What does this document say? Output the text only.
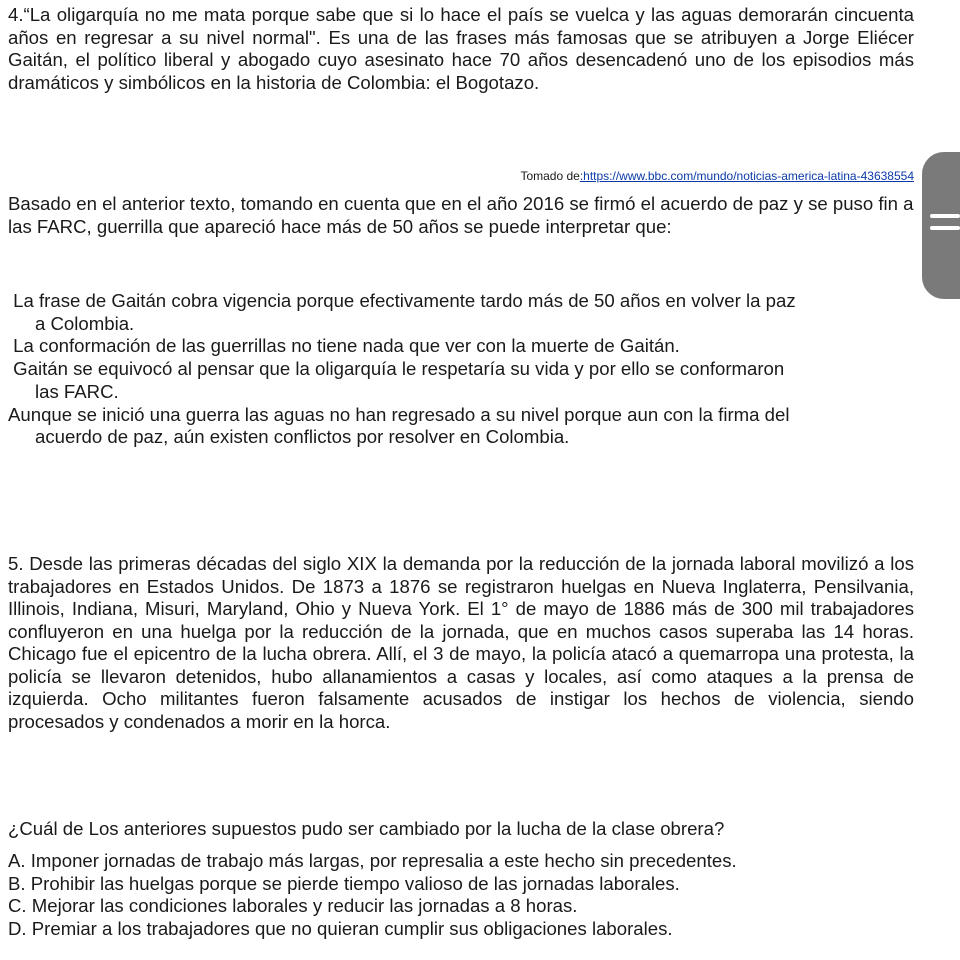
4.“La oligarquía no me mata porque sabe que si lo hace el país se vuelca y las aguas demorarán cincuenta años en regresar a su nivel normal". Es una de las frases más famosas que se atribuyen a Jorge Eliécer Gaitán, el político liberal y abogado cuyo asesinato hace 70 años desencadenó uno de los episodios más dramáticos y simbólicos en la historia de Colombia: el Bogotazo.

Tomado de:https://www.bbc.com/mundo/noticias-america-latina-43638554

Basado en el anterior texto, tomando en cuenta que en el año 2016 se firmó el acuerdo de paz y se puso fin a las FARC, guerrilla que apareció hace más de 50 años se puede interpretar que:

La frase de Gaitán cobra vigencia porque efectivamente tardo más de 50 años en volver la paz a Colombia.
La conformación de las guerrillas no tiene nada que ver con la muerte de Gaitán.
Gaitán se equivocó al pensar que la oligarquía le respetaría su vida y por ello se conformaron las FARC.
Aunque se inició una guerra las aguas no han regresado a su nivel porque aun con la firma del acuerdo de paz, aún existen conflictos por resolver en Colombia.

5. Desde las primeras décadas del siglo XIX la demanda por la reducción de la jornada laboral movilizó a los trabajadores en Estados Unidos. De 1873 a 1876 se registraron huelgas en Nueva Inglaterra, Pensilvania, Illinois, Indiana, Misuri, Maryland, Ohio y Nueva York. El 1° de mayo de 1886 más de 300 mil trabajadores confluyeron en una huelga por la reducción de la jornada, que en muchos casos superaba las 14 horas. Chicago fue el epicentro de la lucha obrera. Allí, el 3 de mayo, la policía atacó a quemarropa una protesta, la policía se llevaron detenidos, hubo allanamientos a casas y locales, así como ataques a la prensa de izquierda. Ocho militantes fueron falsamente acusados de instigar los hechos de violencia, siendo procesados y condenados a morir en la horca.

¿Cuál de Los anteriores supuestos pudo ser cambiado por la lucha de la clase obrera?

A. Imponer jornadas de trabajo más largas, por represalia a este hecho sin precedentes.
B. Prohibir las huelgas porque se pierde tiempo valioso de las jornadas laborales.
C. Mejorar las condiciones laborales y reducir las jornadas a 8 horas.
D. Premiar a los trabajadores que no quieran cumplir sus obligaciones laborales.
